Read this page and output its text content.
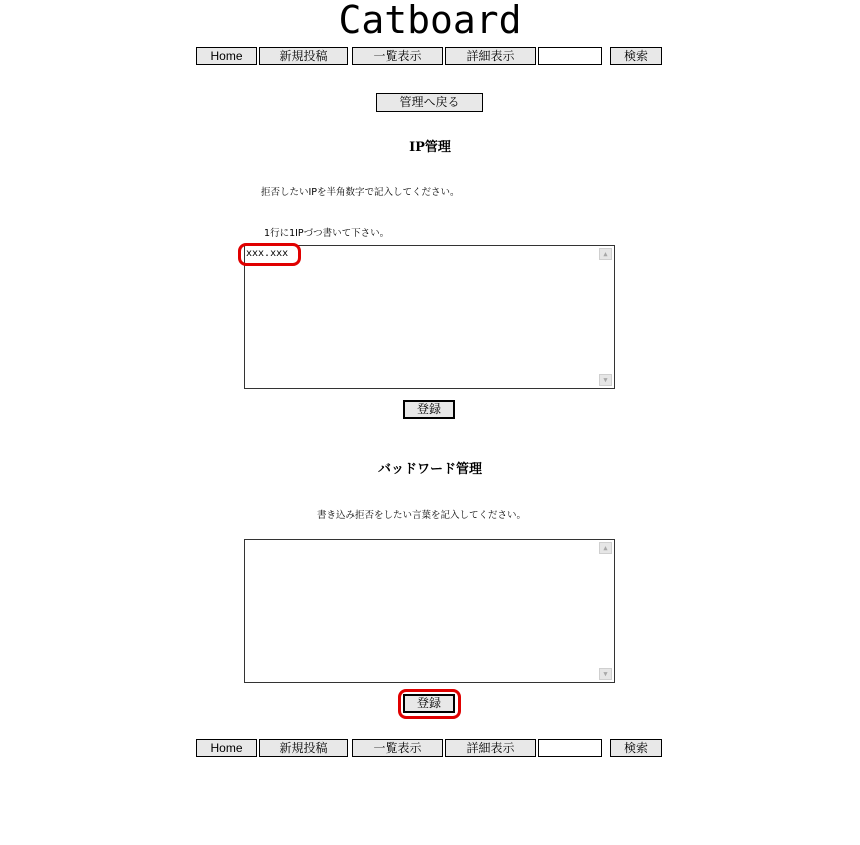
Catboard
Home	新規投稿	一覧表示	詳細表示	検索
管理へ戻る
IP管理

拒否したいIPを半角数字で記入してください。

1行に1IPづつ書いて下さい。

xxx.xxx	▲
▼
登録
バッドワード管理

書き込み拒否をしたい言葉を記入してください。

▲
▼
登録
Home	新規投稿	一覧表示	詳細表示	検索
